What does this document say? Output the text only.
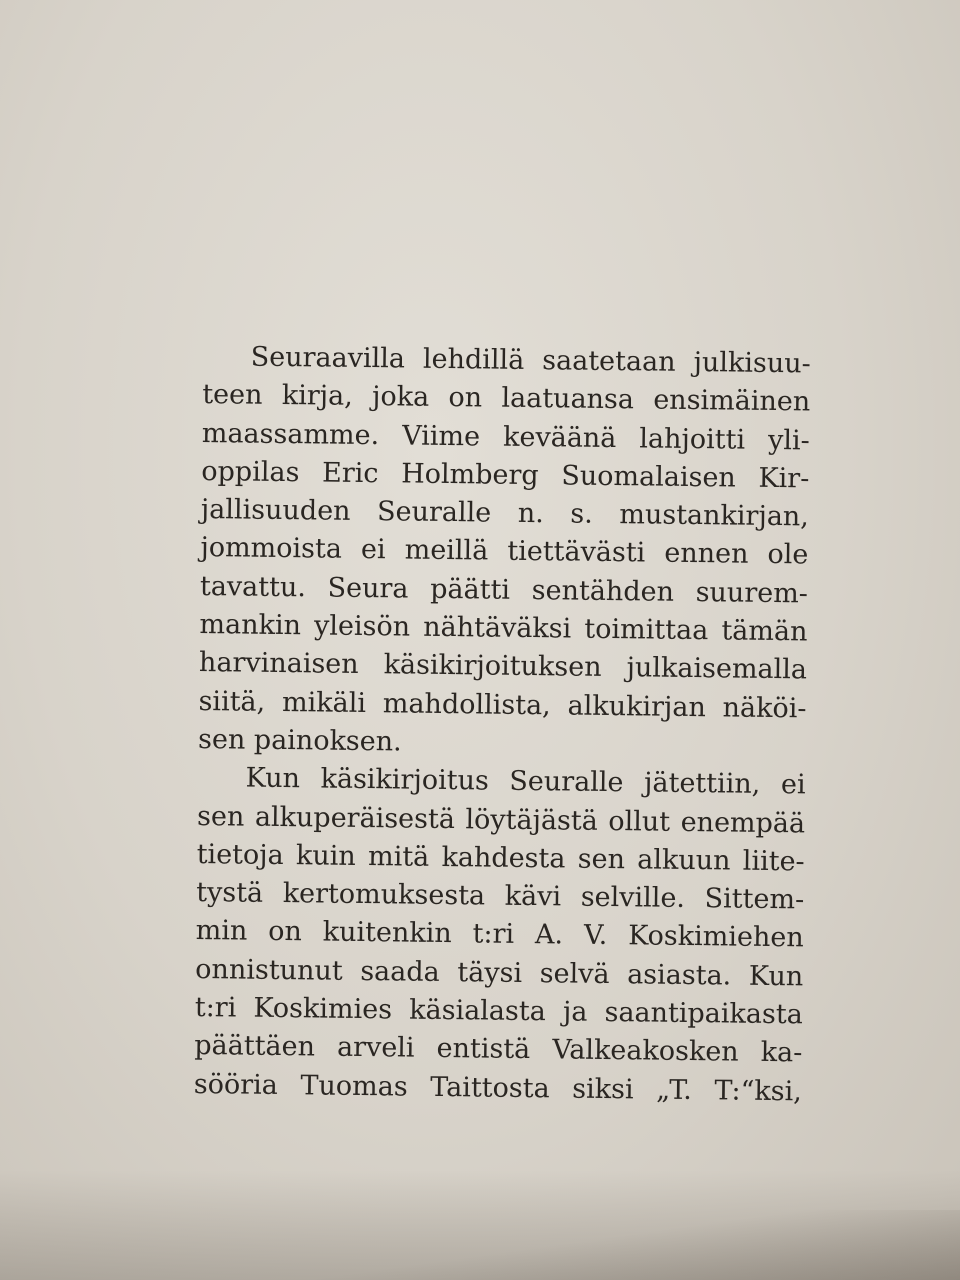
Seuraavilla lehdillä saatetaan julkisuu-
teen kirja, joka on laatuansa ensimäinen
maassamme. Viime keväänä lahjoitti yli-
oppilas Eric Holmberg Suomalaisen Kir-
jallisuuden Seuralle n. s. mustankirjan,
jommoista ei meillä tiettävästi ennen ole
tavattu. Seura päätti sentähden suurem-
mankin yleisön nähtäväksi toimittaa tämän
harvinaisen käsikirjoituksen julkaisemalla
siitä, mikäli mahdollista, alkukirjan näköi-
sen painoksen.
Kun käsikirjoitus Seuralle jätettiin, ei
sen alkuperäisestä löytäjästä ollut enempää
tietoja kuin mitä kahdesta sen alkuun liite-
tystä kertomuksesta kävi selville. Sittem-
min on kuitenkin t:ri A. V. Koskimiehen
onnistunut saada täysi selvä asiasta. Kun
t:ri Koskimies käsialasta ja saantipaikasta
päättäen arveli entistä Valkeakosken ka-
sööria Tuomas Taittosta siksi „T. T:“ksi,
